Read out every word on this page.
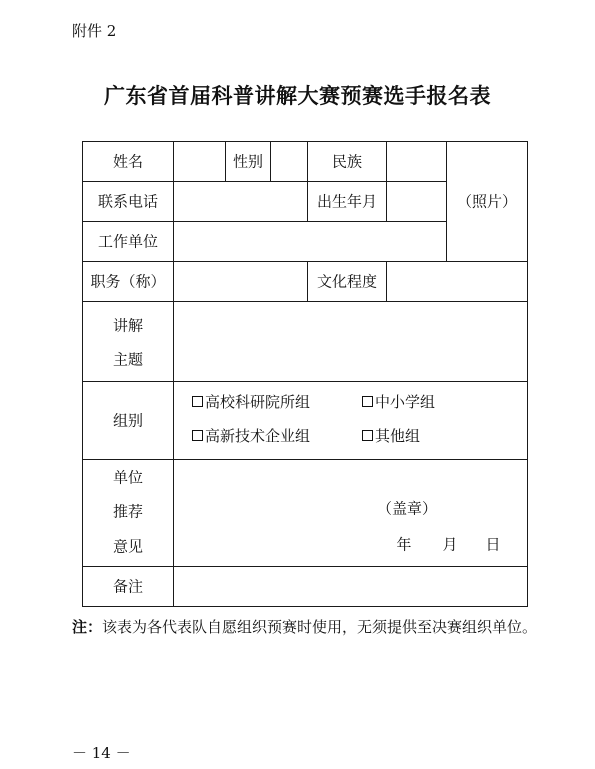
附件 2
广东省首届科普讲解大赛预赛选手报名表
姓名	性别	民族
（照片）
联系电话	出生年月
工作单位
职务（称）	文化程度
讲解
主题
组别
高校科研院所组	中小学组
高新技术企业组	其他组
单位
推荐
意见
（盖章）
年 月 日
备注
注：该表为各代表队自愿组织预赛时使用，无须提供至决赛组织单位。
－ 14 －
